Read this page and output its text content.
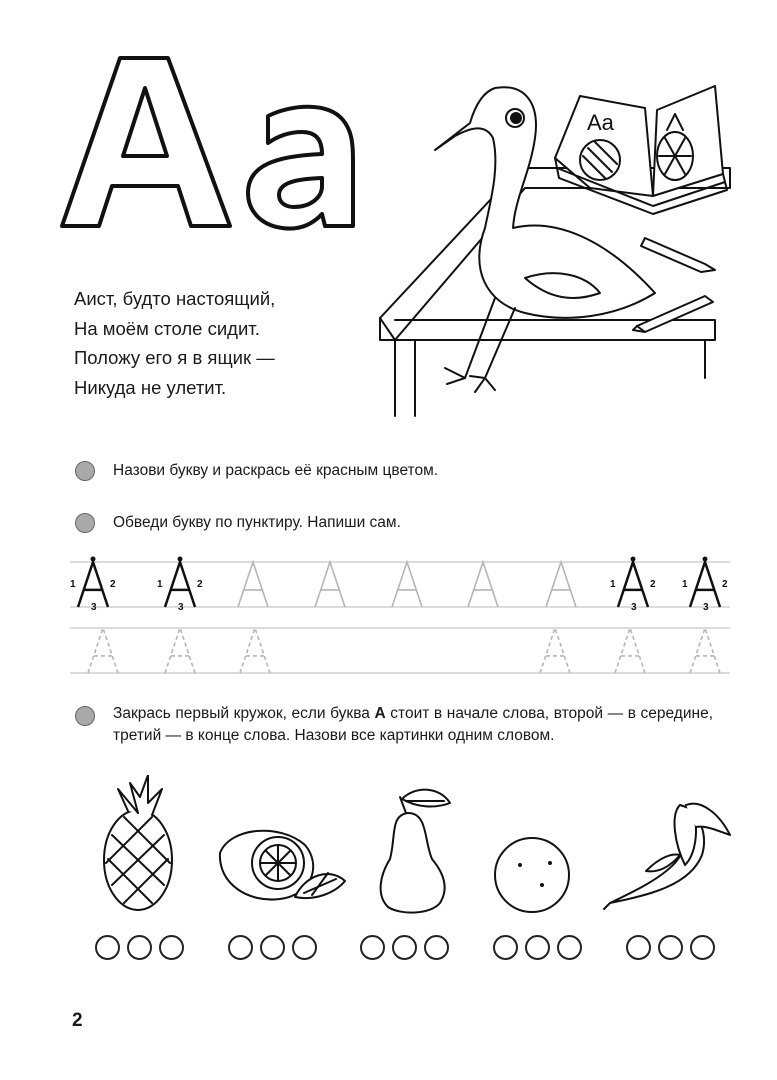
Aa
Аист, будто настоящий,
На моём столе сидит.
Положу его я в ящик —
Никуда не улетит.
Назови букву и раскрась её красным цветом.
Обведи букву по пунктиру. Напиши сам.
1	2
3
1	2
3
1	2
3
1	2
3
Закрась первый кружок, если буква А стоит в начале слова, второй — в середине, третий — в конце слова. Назови все картинки одним словом.
2
